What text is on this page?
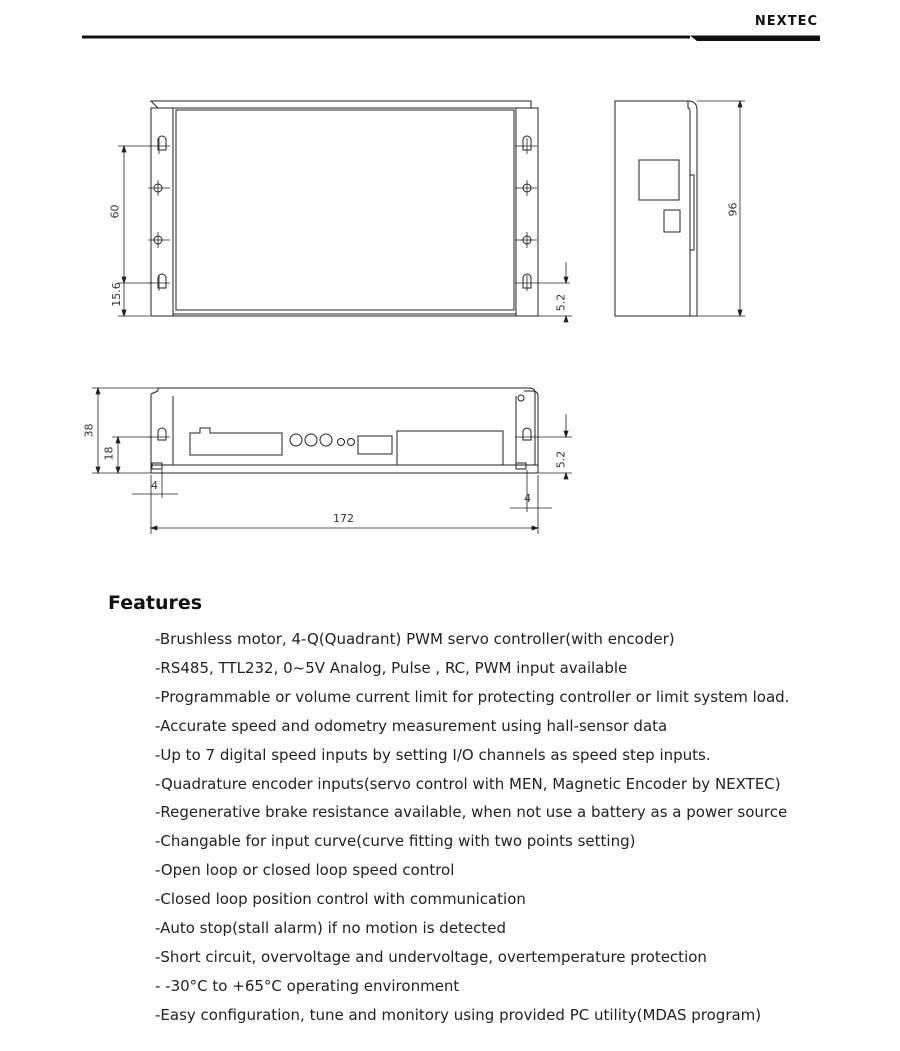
NEXTEC
60
15.6	5.2
96
38
18	5.2
4
4
172
Features
-Brushless motor, 4-Q(Quadrant) PWM servo controller(with encoder)
-RS485, TTL232, 0~5V Analog, Pulse , RC, PWM input available
-Programmable or volume current limit for protecting controller or limit system load.
-Accurate speed and odometry measurement using hall-sensor data
-Up to 7 digital speed inputs by setting I/O channels as speed step inputs.
-Quadrature encoder inputs(servo control with MEN, Magnetic Encoder by NEXTEC)
-Regenerative brake resistance available, when not use a battery as a power source
-Changable for input curve(curve fitting with two points setting)
-Open loop or closed loop speed control
-Closed loop position control with communication
-Auto stop(stall alarm) if no motion is detected
-Short circuit, overvoltage and undervoltage, overtemperature protection
- -30°C to +65°C operating environment
-Easy configuration, tune and monitory using provided PC utility(MDAS program)
